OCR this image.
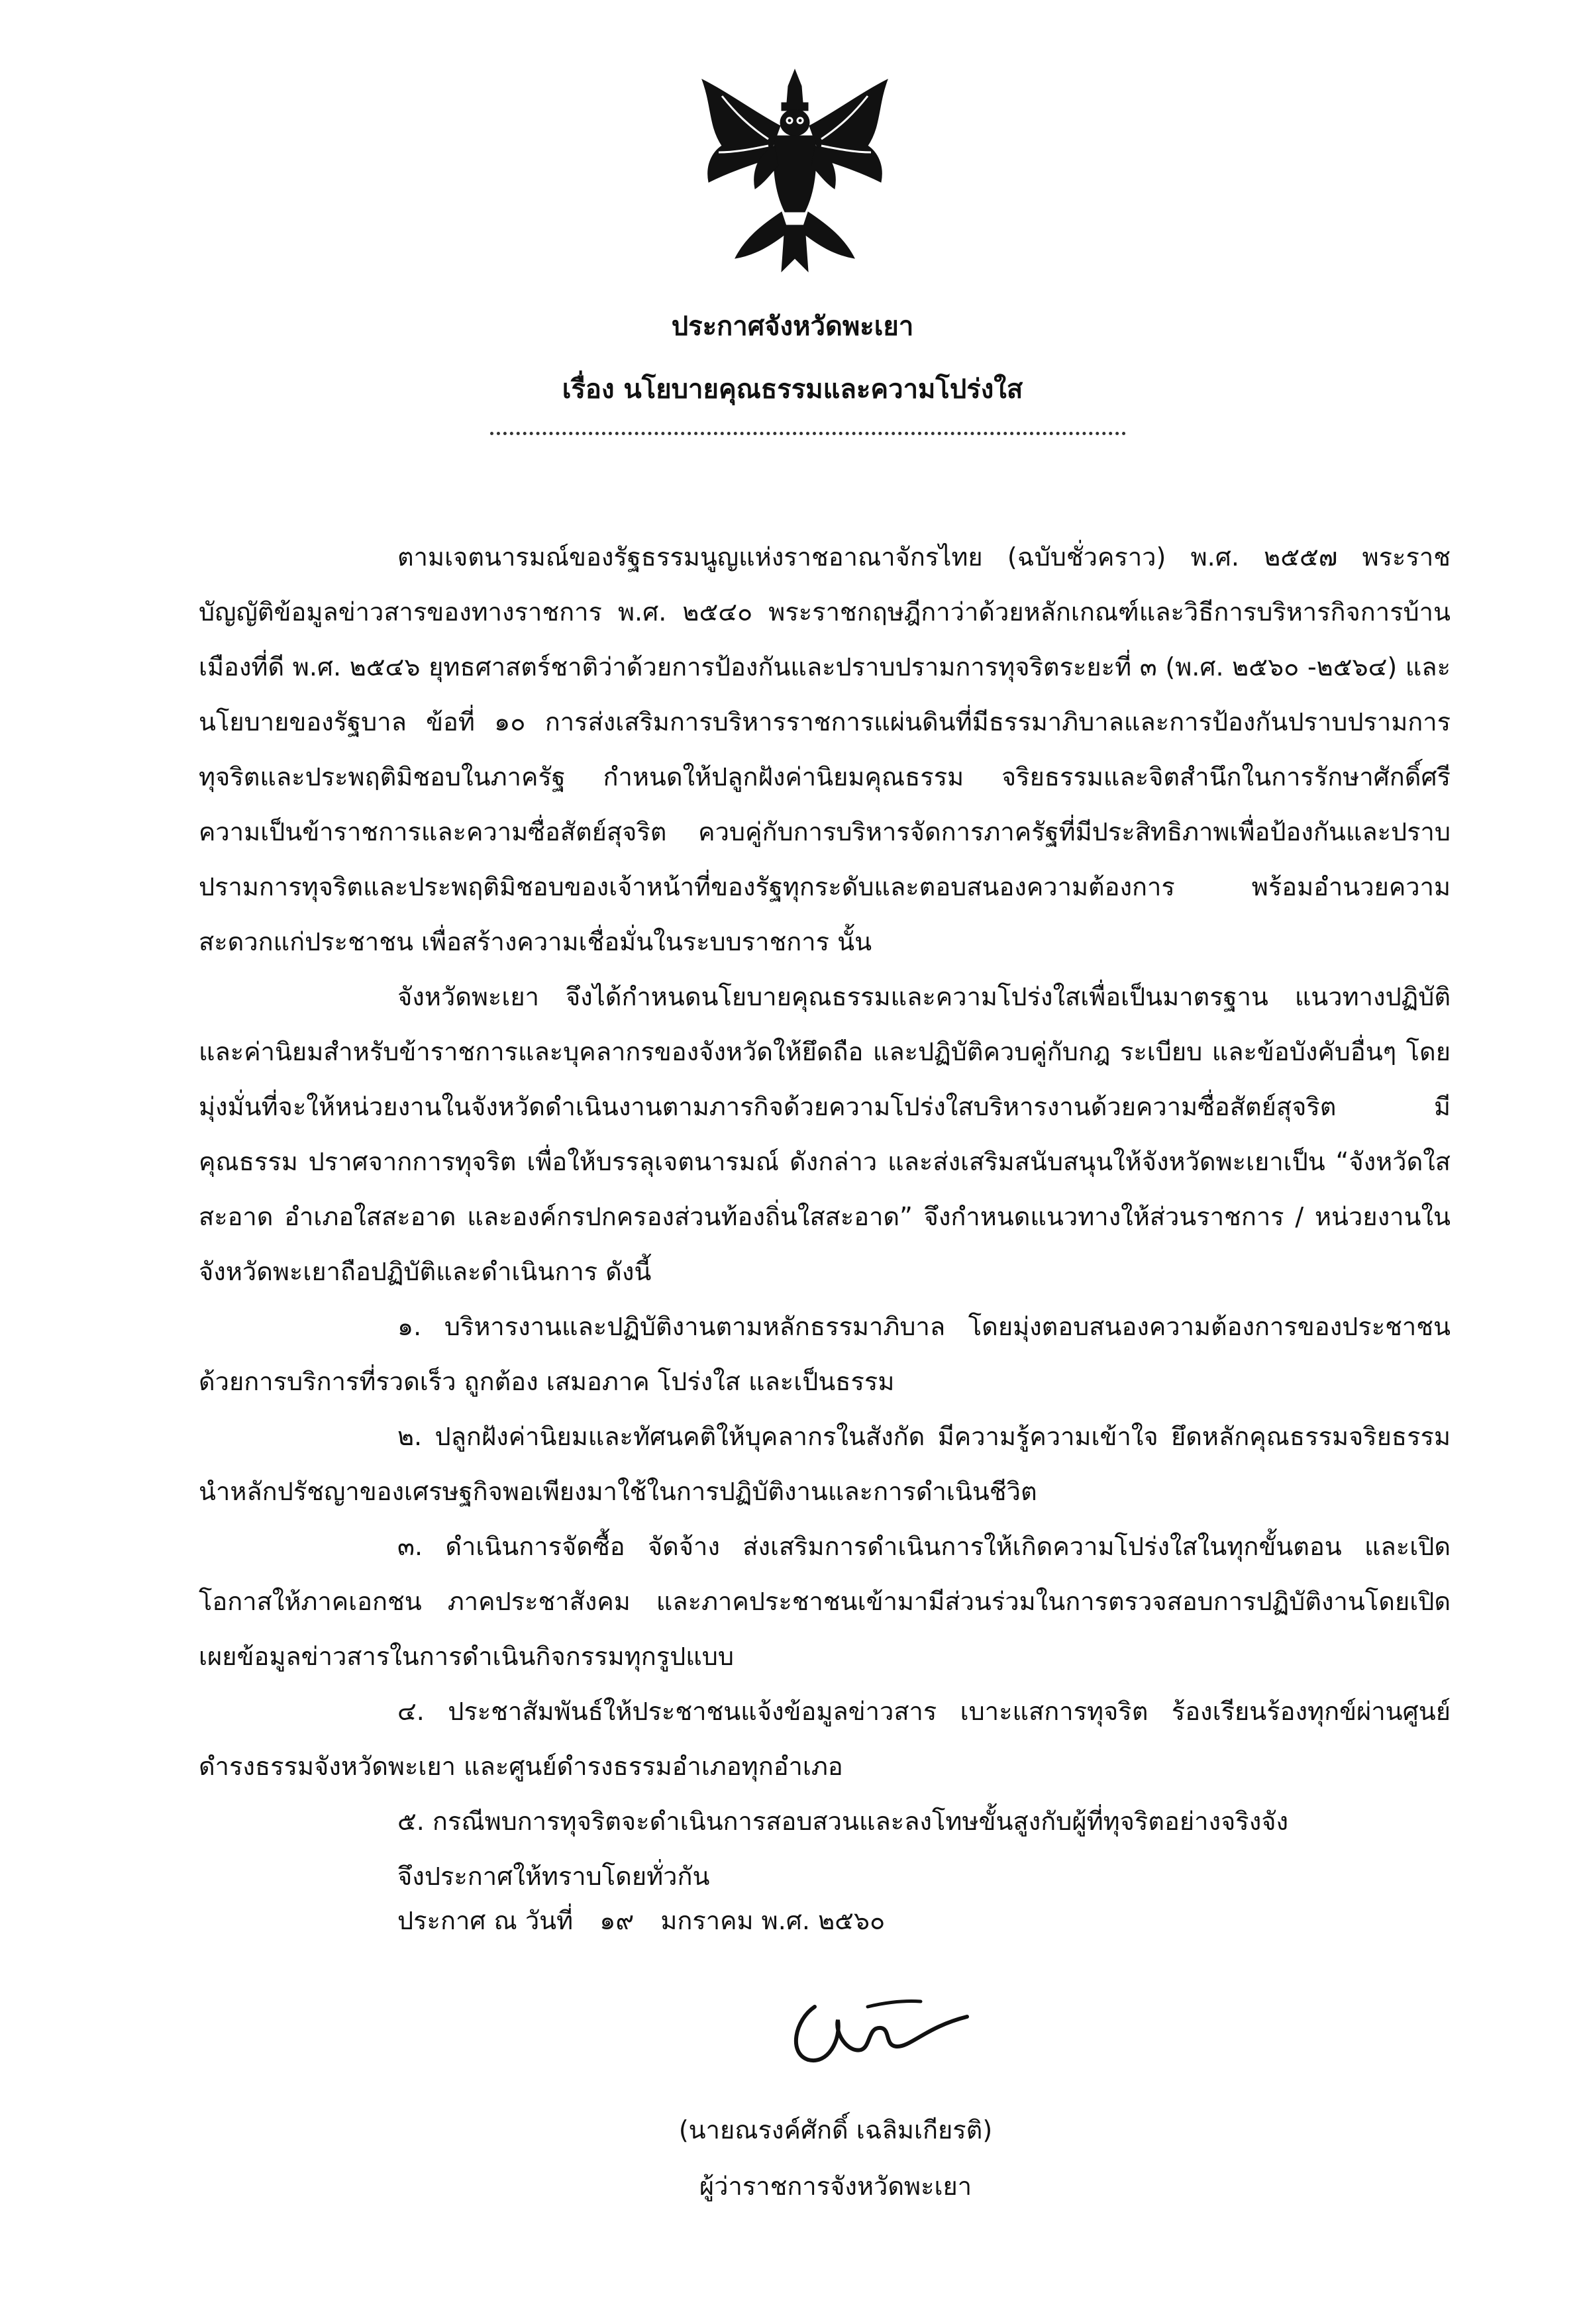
ประกาศจังหวัดพะเยา
เรื่อง นโยบายคุณธรรมและความโปร่งใส

ตามเจตนารมณ์ของรัฐธรรมนูญแห่งราชอาณาจักรไทย (ฉบับชั่วคราว) พ.ศ. ๒๕๕๗ พระราชบัญญัติข้อมูลข่าวสารของทางราชการ พ.ศ. ๒๕๔๐ พระราชกฤษฎีกาว่าด้วยหลักเกณฑ์และวิธีการบริหารกิจการบ้านเมืองที่ดี พ.ศ. ๒๕๔๖ ยุทธศาสตร์ชาติว่าด้วยการป้องกันและปราบปรามการทุจริตระยะที่ ๓ (พ.ศ. ๒๕๖๐ -๒๕๖๔) และนโยบายของรัฐบาล ข้อที่ ๑๐ การส่งเสริมการบริหารราชการแผ่นดินที่มีธรรมาภิบาลและการป้องกันปราบปรามการทุจริตและประพฤติมิชอบในภาครัฐ กำหนดให้ปลูกฝังค่านิยมคุณธรรม จริยธรรมและจิตสำนึกในการรักษาศักดิ์ศรีความเป็นข้าราชการและความซื่อสัตย์สุจริต ควบคู่กับการบริหารจัดการภาครัฐที่มีประสิทธิภาพเพื่อป้องกันและปราบปรามการทุจริตและประพฤติมิชอบของเจ้าหน้าที่ของรัฐทุกระดับและตอบสนองความต้องการ พร้อมอำนวยความสะดวกแก่ประชาชน เพื่อสร้างความเชื่อมั่นในระบบราชการ นั้น

จังหวัดพะเยา จึงได้กำหนดนโยบายคุณธรรมและความโปร่งใสเพื่อเป็นมาตรฐาน แนวทางปฏิบัติ และค่านิยมสำหรับข้าราชการและบุคลากรของจังหวัดให้ยึดถือ และปฏิบัติควบคู่กับกฎ ระเบียบ และข้อบังคับอื่นๆ โดยมุ่งมั่นที่จะให้หน่วยงานในจังหวัดดำเนินงานตามภารกิจด้วยความโปร่งใสบริหารงานด้วยความซื่อสัตย์สุจริต มีคุณธรรม ปราศจากการทุจริต เพื่อให้บรรลุเจตนารมณ์ ดังกล่าว และส่งเสริมสนับสนุนให้จังหวัดพะเยาเป็น “จังหวัดใสสะอาด อำเภอใสสะอาด และองค์กรปกครองส่วนท้องถิ่นใสสะอาด” จึงกำหนดแนวทางให้ส่วนราชการ / หน่วยงานในจังหวัดพะเยาถือปฏิบัติและดำเนินการ ดังนี้

๑. บริหารงานและปฏิบัติงานตามหลักธรรมาภิบาล โดยมุ่งตอบสนองความต้องการของประชาชนด้วยการบริการที่รวดเร็ว ถูกต้อง เสมอภาค โปร่งใส และเป็นธรรม

๒. ปลูกฝังค่านิยมและทัศนคติให้บุคลากรในสังกัด มีความรู้ความเข้าใจ ยึดหลักคุณธรรมจริยธรรม นำหลักปรัชญาของเศรษฐกิจพอเพียงมาใช้ในการปฏิบัติงานและการดำเนินชีวิต

๓. ดำเนินการจัดซื้อ จัดจ้าง ส่งเสริมการดำเนินการให้เกิดความโปร่งใสในทุกขั้นตอน และเปิดโอกาสให้ภาคเอกชน ภาคประชาสังคม และภาคประชาชนเข้ามามีส่วนร่วมในการตรวจสอบการปฏิบัติงานโดยเปิดเผยข้อมูลข่าวสารในการดำเนินกิจกรรมทุกรูปแบบ

๔. ประชาสัมพันธ์ให้ประชาชนแจ้งข้อมูลข่าวสาร เบาะแสการทุจริต ร้องเรียนร้องทุกข์ผ่านศูนย์ดำรงธรรมจังหวัดพะเยา และศูนย์ดำรงธรรมอำเภอทุกอำเภอ

๕. กรณีพบการทุจริตจะดำเนินการสอบสวนและลงโทษขั้นสูงกับผู้ที่ทุจริตอย่างจริงจัง

จึงประกาศให้ทราบโดยทั่วกัน

ประกาศ ณ วันที่ ๑๙ มกราคม พ.ศ. ๒๕๖๐
(นายณรงค์ศักดิ์ เฉลิมเกียรติ)
ผู้ว่าราชการจังหวัดพะเยา
